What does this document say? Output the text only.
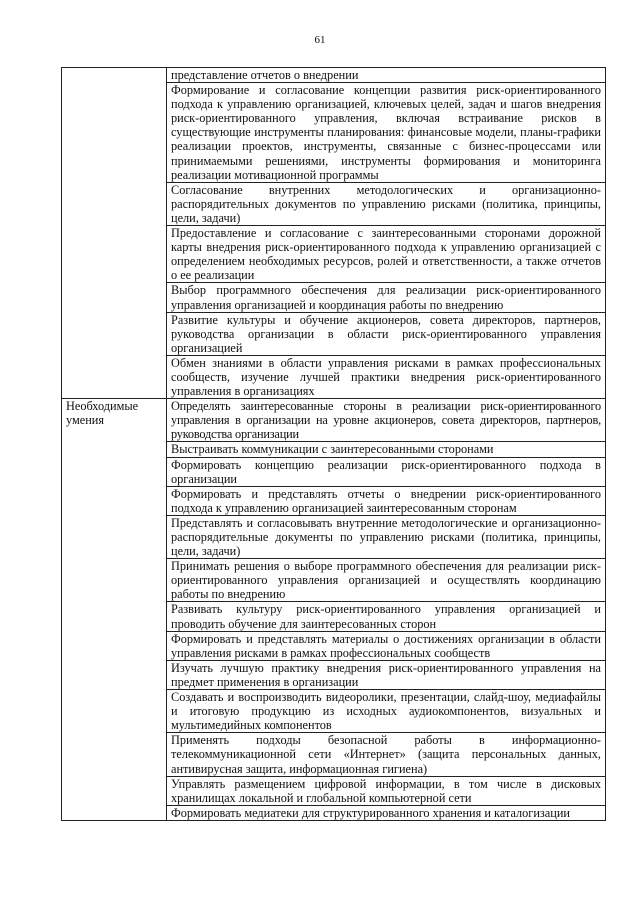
61
	представление отчетов о внедрении
	Формирование и согласование концепции развития риск-ориентированного подхода к управлению организацией, ключевых целей, задач и шагов внедрения риск-ориентированного управления, включая встраивание рисков в существующие инструменты планирования: финансовые модели, планы-графики реализации проектов, инструменты, связанные с бизнес-процессами или принимаемыми решениями, инструменты формирования и мониторинга реализации мотивационной программы
	Согласование внутренних методологических и организационно-распорядительных документов по управлению рисками (политика, принципы, цели, задачи)
	Предоставление и согласование с заинтересованными сторонами дорожной карты внедрения риск-ориентированного подхода к управлению организацией с определением необходимых ресурсов, ролей и ответственности, а также отчетов о ее реализации
	Выбор программного обеспечения для реализации риск-ориентированного управления организацией и координация работы по внедрению
	Развитие культуры и обучение акционеров, совета директоров, партнеров, руководства организации в области риск-ориентированного управления организацией
	Обмен знаниями в области управления рисками в рамках профессиональных сообществ, изучение лучшей практики внедрения риск-ориентированного управления в организациях
Необходимые умения	Определять заинтересованные стороны в реализации риск-ориентированного управления в организации на уровне акционеров, совета директоров, партнеров, руководства организации
	Выстраивать коммуникации с заинтересованными сторонами
	Формировать концепцию реализации риск-ориентированного подхода в организации
	Формировать и представлять отчеты о внедрении риск-ориентированного подхода к управлению организацией заинтересованным сторонам
	Представлять и согласовывать внутренние методологические и организационно-распорядительные документы по управлению рисками (политика, принципы, цели, задачи)
	Принимать решения о выборе программного обеспечения для реализации риск-ориентированного управления организацией и осуществлять координацию работы по внедрению
	Развивать культуру риск-ориентированного управления организацией и проводить обучение для заинтересованных сторон
	Формировать и представлять материалы о достижениях организации в области управления рисками в рамках профессиональных сообществ
	Изучать лучшую практику внедрения риск-ориентированного управления на предмет применения в организации
	Создавать и воспроизводить видеоролики, презентации, слайд-шоу, медиафайлы и итоговую продукцию из исходных аудиокомпонентов, визуальных и мультимедийных компонентов
	Применять подходы безопасной работы в информационно-телекоммуникационной сети «Интернет» (защита персональных данных, антивирусная защита, информационная гигиена)
	Управлять размещением цифровой информации, в том числе в дисковых хранилищах локальной и глобальной компьютерной сети
	Формировать медиатеки для структурированного хранения и каталогизации
